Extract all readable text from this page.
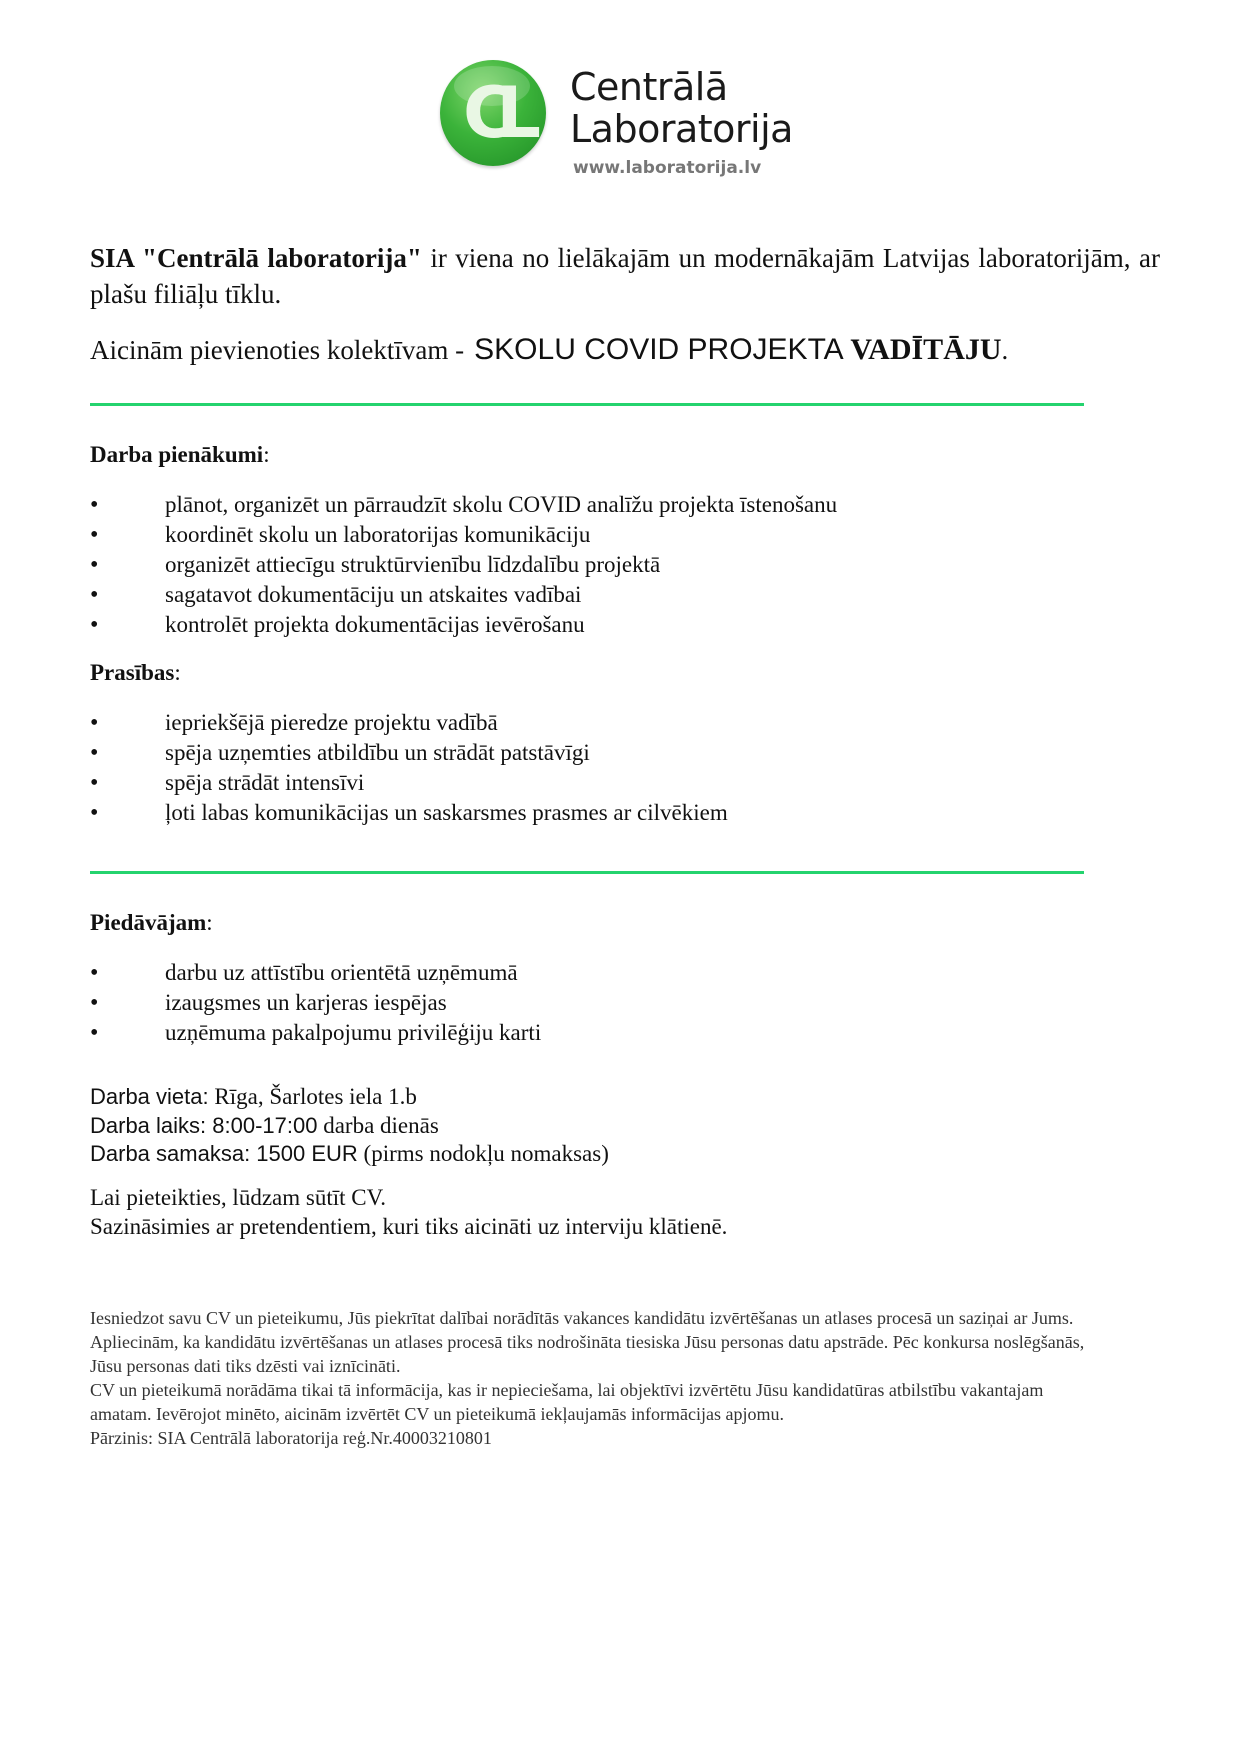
CL	Centrālā
Laboratorija
www.laboratorija.lv
SIA "Centrālā laboratorija" ir viena no lielākajām un modernākajām Latvijas laboratorijām, ar plašu filiāļu tīklu.
Aicinām pievienoties kolektīvam - SKOLU COVID PROJEKTA VADĪTĀJU.
Darba pienākumi:
• plānot, organizēt un pārraudzīt skolu COVID analīžu projekta īstenošanu
• koordinēt skolu un laboratorijas komunikāciju
• organizēt attiecīgu struktūrvienību līdzdalību projektā
• sagatavot dokumentāciju un atskaites vadībai
• kontrolēt projekta dokumentācijas ievērošanu
Prasības:
• iepriekšējā pieredze projektu vadībā
• spēja uzņemties atbildību un strādāt patstāvīgi
• spēja strādāt intensīvi
• ļoti labas komunikācijas un saskarsmes prasmes ar cilvēkiem
Piedāvājam:
• darbu uz attīstību orientētā uzņēmumā
• izaugsmes un karjeras iespējas
• uzņēmuma pakalpojumu privilēģiju karti
Darba vieta: Rīga, Šarlotes iela 1.b
Darba laiks: 8:00-17:00 darba dienās
Darba samaksa: 1500 EUR (pirms nodokļu nomaksas)
Lai pieteikties, lūdzam sūtīt CV.
Sazināsimies ar pretendentiem, kuri tiks aicināti uz interviju klātienē.
Iesniedzot savu CV un pieteikumu, Jūs piekrītat dalībai norādītās vakances kandidātu izvērtēšanas un atlases procesā un saziņai ar Jums.
Apliecinām, ka kandidātu izvērtēšanas un atlases procesā tiks nodrošināta tiesiska Jūsu personas datu apstrāde. Pēc konkursa noslēgšanās, Jūsu personas dati tiks dzēsti vai iznīcināti.
CV un pieteikumā norādāma tikai tā informācija, kas ir nepieciešama, lai objektīvi izvērtētu Jūsu kandidatūras atbilstību vakantajam amatam. Ievērojot minēto, aicinām izvērtēt CV un pieteikumā iekļaujamās informācijas apjomu.
Pārzinis: SIA Centrālā laboratorija reģ.Nr.40003210801
